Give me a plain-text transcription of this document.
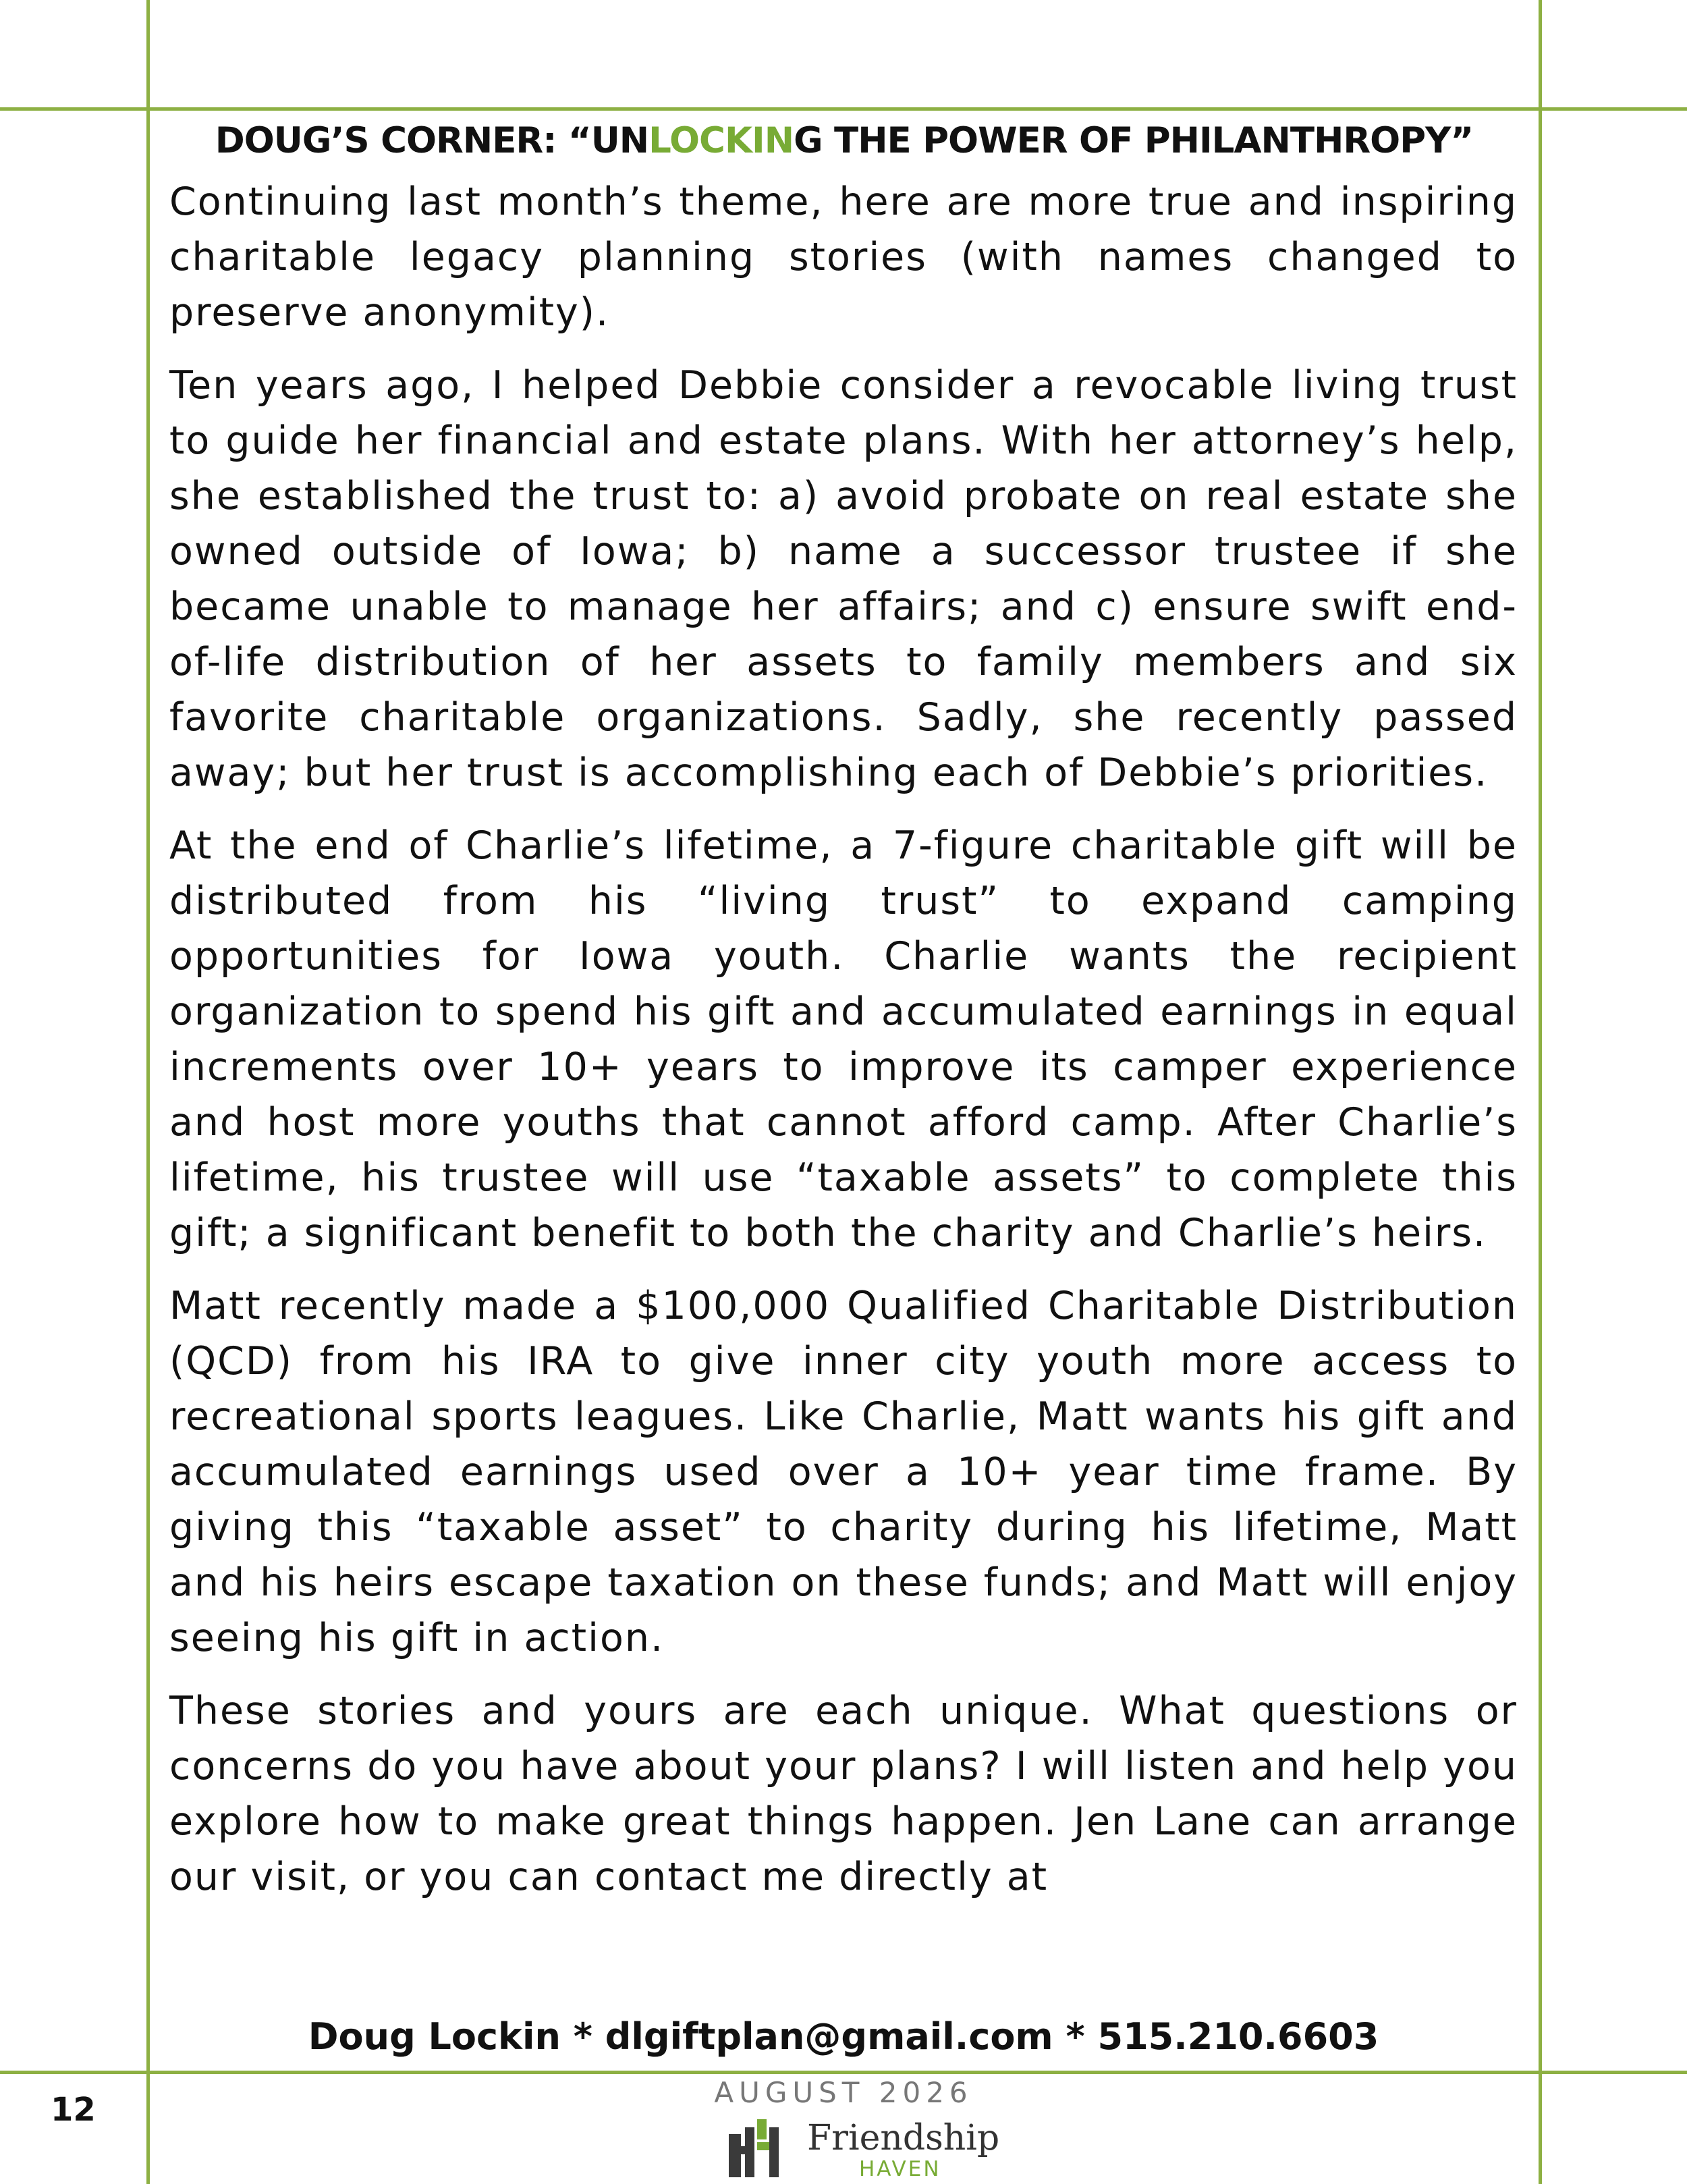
DOUG’S CORNER: “UNLOCKING THE POWER OF PHILANTHROPY”

Continuing last month’s theme, here are more true and inspiring charitable legacy planning stories (with names changed to preserve anonymity).

Ten years ago, I helped Debbie consider a revocable living trust to guide her financial and estate plans. With her attorney’s help, she established the trust to: a) avoid probate on real estate she owned outside of Iowa; b) name a successor trustee if she became unable to manage her affairs; and c) ensure swift end-of-life distribution of her assets to family members and six favorite charitable organizations. Sadly, she recently passed away; but her trust is accomplishing each of Debbie’s priorities.

At the end of Charlie’s lifetime, a 7-figure charitable gift will be distributed from his “living trust” to expand camping opportunities for Iowa youth. Charlie wants the recipient organization to spend his gift and accumulated earnings in equal increments over 10+ years to improve its camper experience and host more youths that cannot afford camp. After Charlie’s lifetime, his trustee will use “taxable assets” to complete this gift; a significant benefit to both the charity and Charlie’s heirs.

Matt recently made a $100,000 Qualified Charitable Distribution (QCD) from his IRA to give inner city youth more access to recreational sports leagues. Like Charlie, Matt wants his gift and accumulated earnings used over a 10+ year time frame. By giving this “taxable asset” to charity during his lifetime, Matt and his heirs escape taxation on these funds; and Matt will enjoy seeing his gift in action.

These stories and yours are each unique. What questions or concerns do you have about your plans? I will listen and help you explore how to make great things happen. Jen Lane can arrange our visit, or you can contact me directly at

Doug Lockin * dlgiftplan@gmail.com * 515.210.6603
12	AUGUST 2026
Friendship
HAVEN
